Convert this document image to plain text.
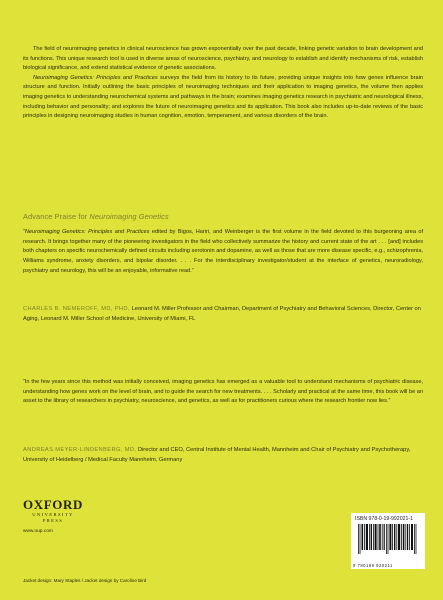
The field of neuroimaging genetics in clinical neuroscience has grown exponentially over the past decade, linking genetic variation to brain development and its functions. This unique research tool is used in diverse areas of neuroscience, psychiatry, and neurology to establish and identify mechanisms of risk, establish biological significance, and extend statistical evidence of genetic associations.

Neuroimaging Genetics: Principles and Practices surveys the field from its history to its future, providing unique insights into how genes influence brain structure and function. Initially outlining the basic principles of neuroimaging techniques and their application to imaging genetics, the volume then applies imaging genetics to understanding neurochemical systems and pathways in the brain; examines imaging genetics research in psychiatric and neurological illness, including behavior and personality; and explores the future of neuroimaging genetics and its application. This book also includes up-to-date reviews of the basic principles in designing neuroimaging studies in human cognition, emotion, temperament, and various disorders of the brain.

Advance Praise for Neuroimaging Genetics

“Neuroimaging Genetics: Principles and Practices edited by Bigos, Hariri, and Weinberger is the first volume in the field devoted to this burgeoning area of research. It brings together many of the pioneering investigators in the field who collectively summarize the history and current state of the art . . . [and] includes both chapters on specific neurochemically defined circuits including serotonin and dopamine, as well as those that are more disease specific, e.g., schizophrenia, Williams syndrome, anxiety disorders, and bipolar disorder. . . . For the interdisciplinary investigator/student at the interface of genetics, neuroradiology, psychiatry and neurology, this will be an enjoyable, informative read.”

CHARLES B. NEMEROFF, MD, PHD, Leonard M. Miller Professor and Chairman, Department of Psychiatry and Behavioral Sciences, Director, Center on Aging, Leonard M. Miller School of Medicine, University of Miami, FL

“In the few years since this method was initially conceived, imaging genetics has emerged as a valuable tool to understand mechanisms of psychiatric disease, understanding how genes work on the level of brain, and to guide the search for new treatments. . . . Scholarly and practical at the same time, this book will be an asset to the library of researchers in psychiatry, neuroscience, and genetics, as well as for practitioners curious where the research frontier now lies.”

ANDREAS MEYER-LINDENBERG, MD, Director and CEO, Central Institute of Mental Health, Mannheim and Chair of Psychiatry and Psychotherapy, University of Heidelberg / Medical Faculty Mannheim, Germany

OXFORD
UNIVERSITY PRESS
www.oup.com
ISBN 978-0-19-992021-1
9 780199 920211
Jacket design: Mary Staples / Jacket design by Caroline Bird
